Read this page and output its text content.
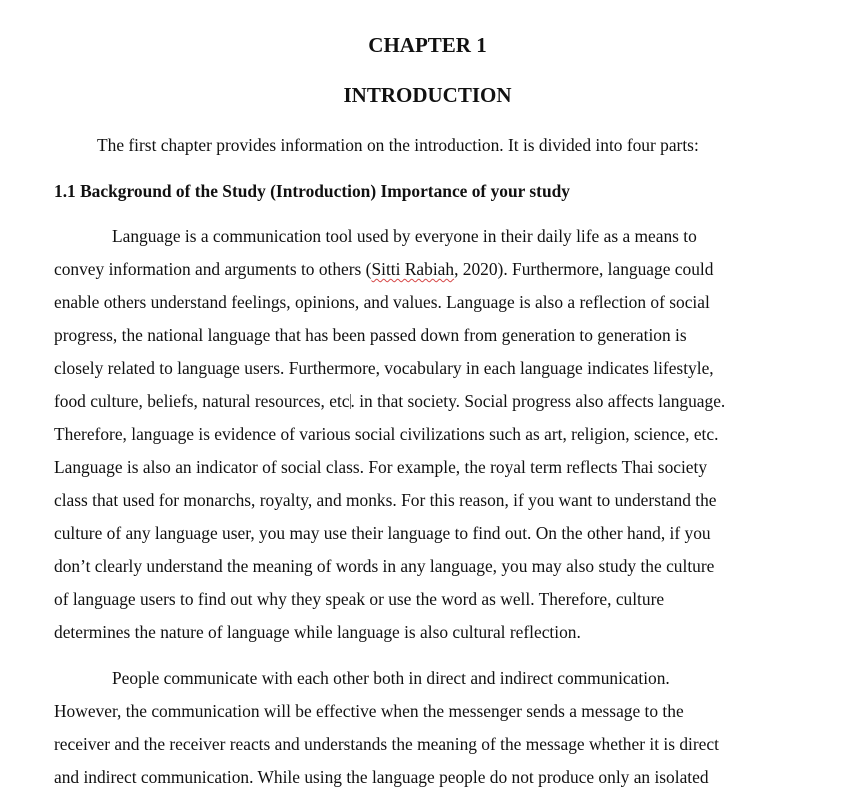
CHAPTER 1
INTRODUCTION

The first chapter provides information on the introduction. It is divided into four parts:

1.1 Background of the Study (Introduction) Importance of your study
Language is a communication tool used by everyone in their daily life as a means to
convey information and arguments to others (Sitti Rabiah, 2020). Furthermore, language could
enable others understand feelings, opinions, and values. Language is also a reflection of social
progress, the national language that has been passed down from generation to generation is
closely related to language users. Furthermore, vocabulary in each language indicates lifestyle,
food culture, beliefs, natural resources, etc. in that society. Social progress also affects language.
Therefore, language is evidence of various social civilizations such as art, religion, science, etc.
Language is also an indicator of social class. For example, the royal term reflects Thai society
class that used for monarchs, royalty, and monks. For this reason, if you want to understand the
culture of any language user, you may use their language to find out. On the other hand, if you
don’t clearly understand the meaning of words in any language, you may also study the culture
of language users to find out why they speak or use the word as well. Therefore, culture
determines the nature of language while language is also cultural reflection.
People communicate with each other both in direct and indirect communication.
However, the communication will be effective when the messenger sends a message to the
receiver and the receiver reacts and understands the meaning of the message whether it is direct
and indirect communication. While using the language people do not produce only an isolated
